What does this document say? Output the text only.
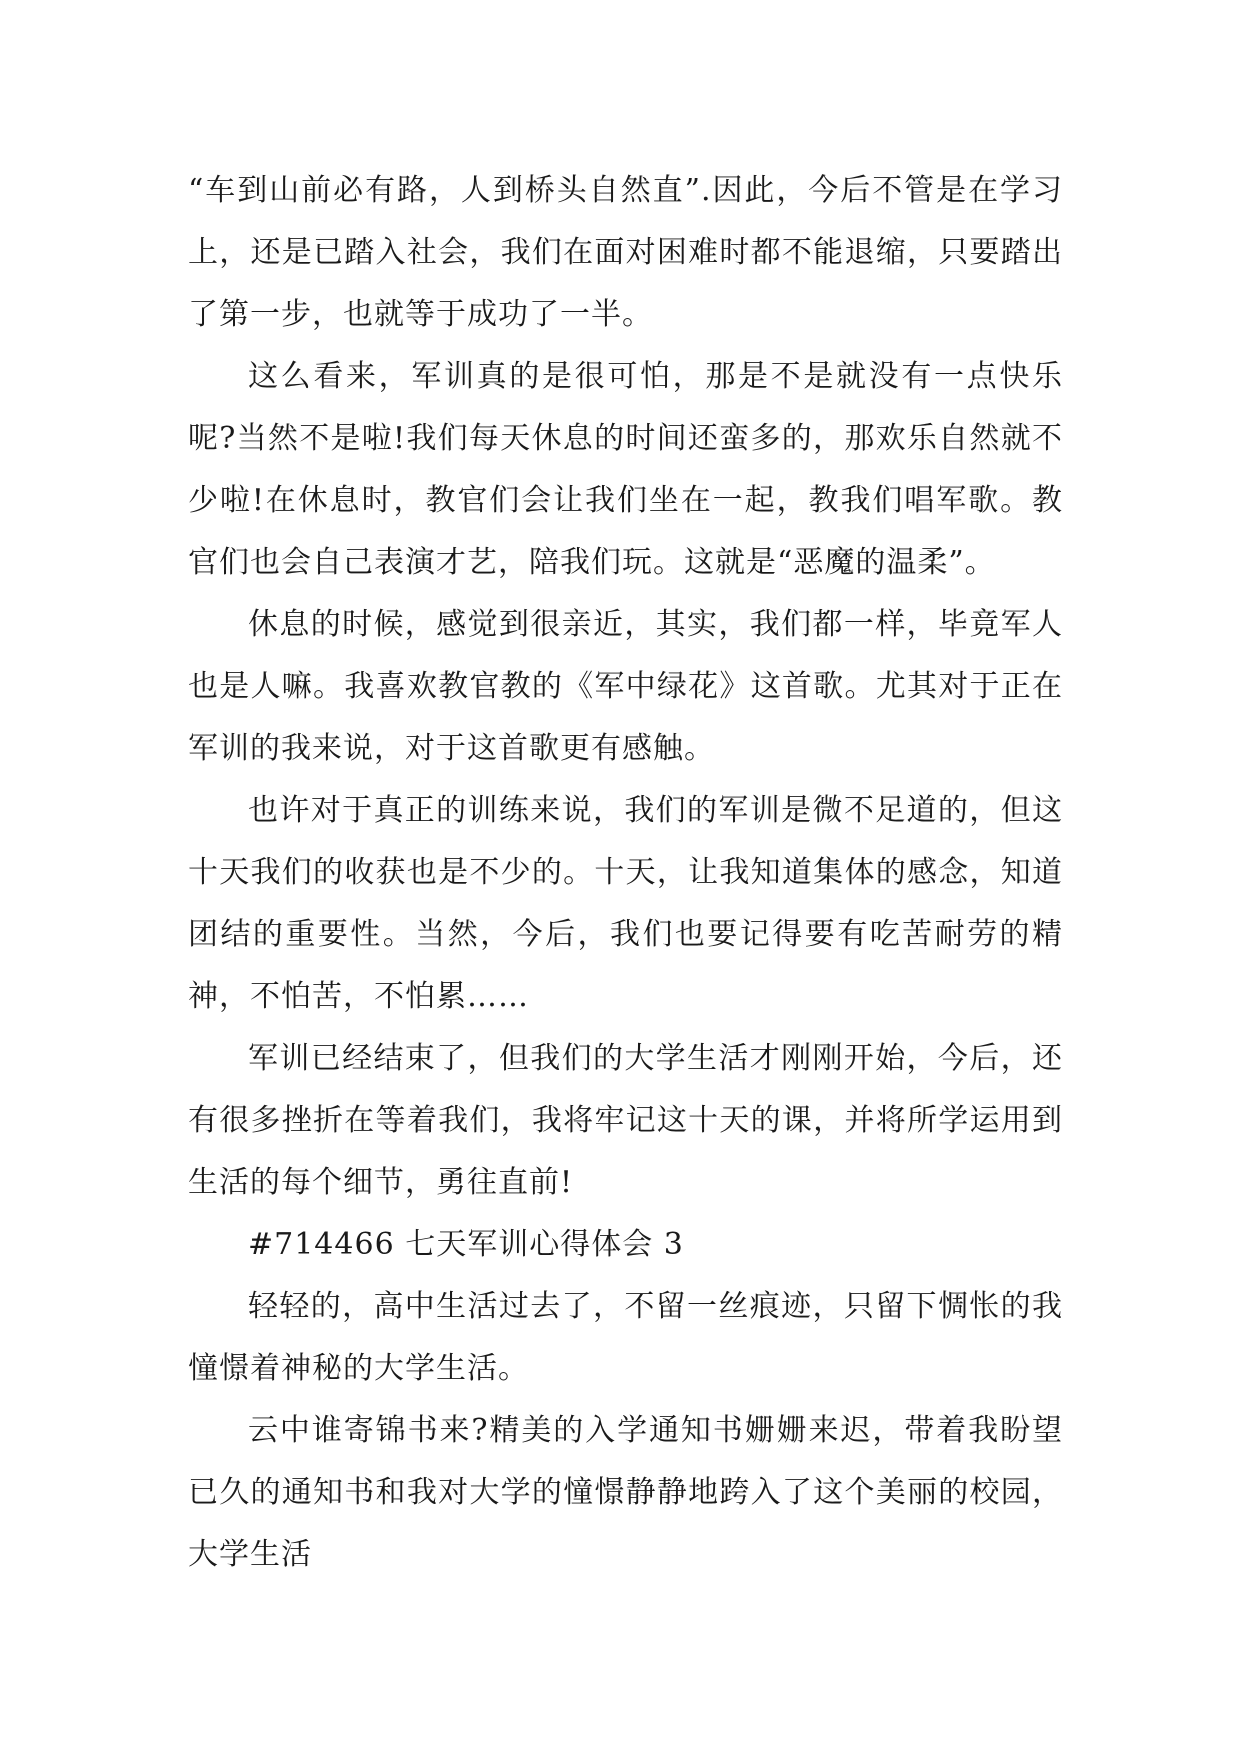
“车到山前必有路，人到桥头自然直”.因此，今后不管是在学习上，还是已踏入社会，我们在面对困难时都不能退缩，只要踏出了第一步，也就等于成功了一半。

这么看来，军训真的是很可怕，那是不是就没有一点快乐呢?当然不是啦!我们每天休息的时间还蛮多的，那欢乐自然就不少啦!在休息时，教官们会让我们坐在一起，教我们唱军歌。教官们也会自己表演才艺，陪我们玩。这就是“恶魔的温柔”。

休息的时候，感觉到很亲近，其实，我们都一样，毕竟军人也是人嘛。我喜欢教官教的《军中绿花》这首歌。尤其对于正在军训的我来说，对于这首歌更有感触。

也许对于真正的训练来说，我们的军训是微不足道的，但这十天我们的收获也是不少的。十天，让我知道集体的感念，知道团结的重要性。当然，今后，我们也要记得要有吃苦耐劳的精神，不怕苦，不怕累……

军训已经结束了，但我们的大学生活才刚刚开始，今后，还有很多挫折在等着我们，我将牢记这十天的课，并将所学运用到生活的每个细节，勇往直前!

#714466 七天军训心得体会 3

轻轻的，高中生活过去了，不留一丝痕迹，只留下惆怅的我憧憬着神秘的大学生活。

云中谁寄锦书来?精美的入学通知书姗姗来迟，带着我盼望已久的通知书和我对大学的憧憬静静地跨入了这个美丽的校园，大学生活
